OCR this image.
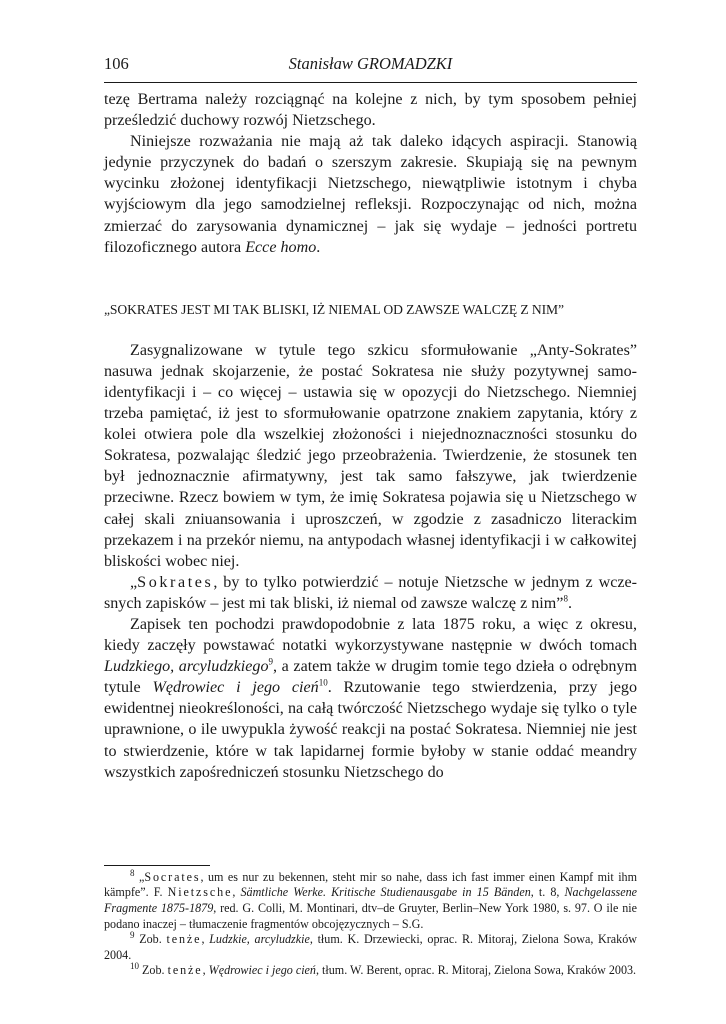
106	Stanisław GROMADZKI

tezę Bertrama należy rozciągnąć na kolejne z nich, by tym sposobem pełniej prześledzić duchowy rozwój Nietzschego.

Niniejsze rozważania nie mają aż tak daleko idących aspiracji. Stanowią jedynie przyczynek do badań o szerszym zakresie. Skupiają się na pewnym wycinku złożonej identyfikacji Nietzschego, niewątpliwie istotnym i chyba wyjściowym dla jego samodzielnej refleksji. Rozpoczynając od nich, można zmierzać do zarysowania dynamicznej – jak się wydaje – jedności portretu filozoficznego autora Ecce homo.

„SOKRATES JEST MI TAK BLISKI, IŻ NIEMAL OD ZAWSZE WALCZĘ Z NIM”

Zasygnalizowane w tytule tego szkicu sformułowanie „Anty-Sokrates” nasuwa jednak skojarzenie, że postać Sokratesa nie służy pozytywnej samoidentyfikacji i – co więcej – ustawia się w opozycji do Nietzschego. Niemniej trzeba pamiętać, iż jest to sformułowanie opatrzone znakiem zapytania, który z kolei otwiera pole dla wszelkiej złożoności i niejednoznaczności stosunku do Sokratesa, pozwalając śledzić jego przeobrażenia. Twierdzenie, że stosunek ten był jednoznacznie afirmatywny, jest tak samo fałszywe, jak twierdzenie przeciwne. Rzecz bowiem w tym, że imię Sokratesa pojawia się u Nietzschego w całej skali zniuansowania i uproszczeń, w zgodzie z zasadniczo literackim przekazem i na przekór niemu, na antypodach własnej identyfikacji i w całkowitej bliskości wobec niej.

„Sokrates, by to tylko potwierdzić – notuje Nietzsche w jednym z wczesnych zapisków – jest mi tak bliski, iż niemal od zawsze walczę z nim”$^8$.

Zapisek ten pochodzi prawdopodobnie z lata 1875 roku, a więc z okresu, kiedy zaczęły powstawać notatki wykorzystywane następnie w dwóch tomach Ludzkiego, arcyludzkiego$^9$, a zatem także w drugim tomie tego dzieła o odrębnym tytule Wędrowiec i jego cień$^{10}$. Rzutowanie tego stwierdzenia, przy jego ewidentnej nieokreśloności, na całą twórczość Nietzschego wydaje się tylko o tyle uprawnione, o ile uwypukla żywość reakcji na postać Sokratesa. Niemniej nie jest to stwierdzenie, które w tak lapidarnej formie byłoby w stanie oddać meandry wszystkich zapośredniczeń stosunku Nietzschego do

$^8$ „Socrates, um es nur zu bekennen, steht mir so nahe, dass ich fast immer einen Kampf mit ihm kämpfe”. F. Nietzsche, Sämtliche Werke. Kritische Studienausgabe in 15 Bänden, t. 8, Nachgelassene Fragmente 1875-1879, red. G. Colli, M. Montinari, dtv–de Gruyter, Berlin–New York 1980, s. 97. O ile nie podano inaczej – tłumaczenie fragmentów obcojęzycznych – S.G.

$^9$ Zob. tenże, Ludzkie, arcyludzkie, tłum. K. Drzewiecki, oprac. R. Mitoraj, Zielona Sowa, Kraków 2004.

$^{10}$ Zob. tenże, Wędrowiec i jego cień, tłum. W. Berent, oprac. R. Mitoraj, Zielona Sowa, Kraków 2003.
